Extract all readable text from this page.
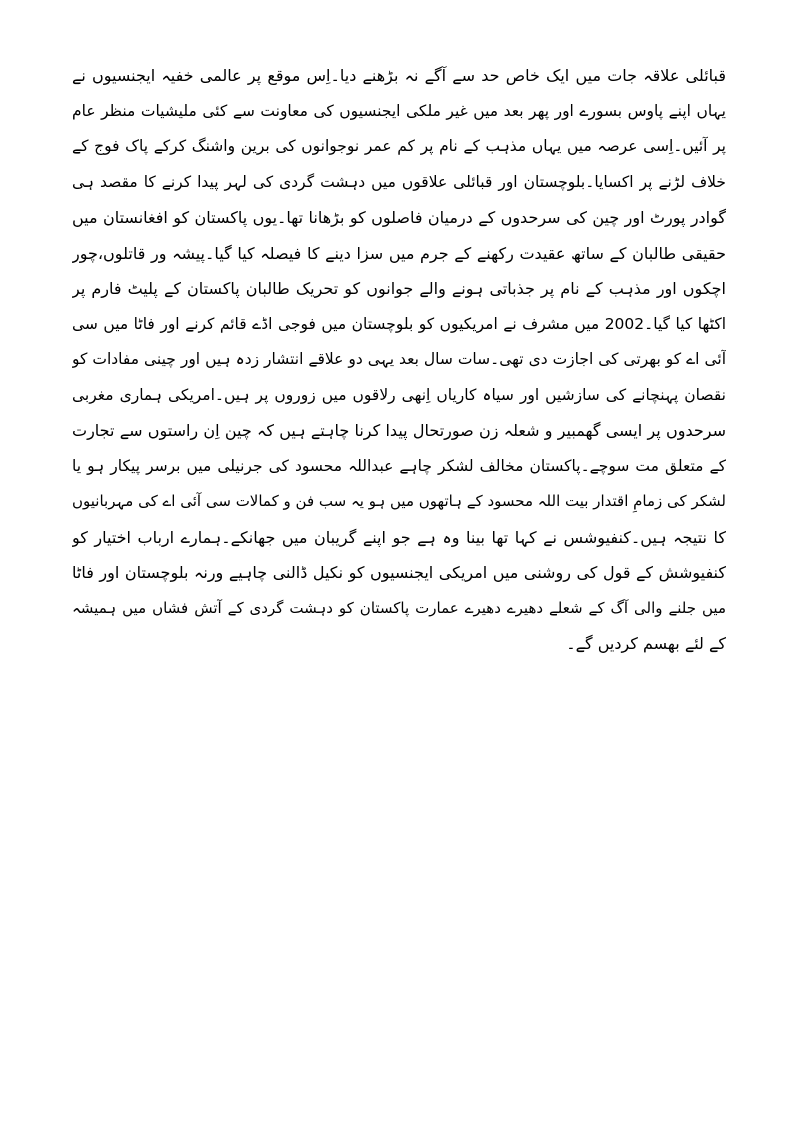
قبائلی علاقہ جات میں ایک خاص حد سے آگے نہ بڑھنے دیا۔اِس موقع پر عالمی خفیہ ایجنسیوں نے
یہاں اپنے پاوس بسورے اور پھر بعد میں غیر ملکی ایجنسیوں کی معاونت سے کئی ملیشیات منظر عام
پر آئیں۔اِسی عرصہ میں یہاں مذہب کے نام پر کم عمر نوجوانوں کی برین واشنگ کرکے پاک فوج کے
خلاف لڑنے پر اکسایا۔بلوچستان اور قبائلی علاقوں میں دہشت گردی کی لہر پیدا کرنے کا مقصد ہی
گوادر پورٹ اور چین کی سرحدوں کے درمیان فاصلوں کو بڑھانا تھا۔یوں پاکستان کو افغانستان میں
حقیقی طالبان کے ساتھ عقیدت رکھنے کے جرم میں سزا دینے کا فیصلہ کیا گیا۔پیشہ ور قاتلوں،چور
اچکوں اور مذہب کے نام پر جذباتی ہونے والے جوانوں کو تحریک طالبان پاکستان کے پلیٹ فارم پر
اکٹھا کیا گیا۔2002 میں مشرف نے امریکیوں کو بلوچستان میں فوجی اڈے قائم کرنے اور فاٹا میں سی
آئی اے کو بھرتی کی اجازت دی تھی۔سات سال بعد یہی دو علاقے انتشار زدہ ہیں اور چینی مفادات کو
نقصان پہنچانے کی سازشیں اور سیاہ کاریاں اِنھی رلاقوں میں زوروں پر ہیں۔امریکی ہماری مغربی
سرحدوں پر ایسی گھمبیر و شعلہ زن صورتحال پیدا کرنا چاہتے ہیں کہ چین اِن راستوں سے تجارت
کے متعلق مت سوچے۔پاکستان مخالف لشکر چاہے عبداللہ محسود کی جرنیلی میں برسر پیکار ہو یا
لشکر کی زمامِ اقتدار بیت اللہ محسود کے ہاتھوں میں ہو یہ سب فن و کمالات سی آئی اے کی مہربانیوں
کا نتیجہ ہیں۔کنفیوشس نے کہا تھا بینا وہ ہے جو اپنے گریبان میں جھانکے۔ہمارے ارباب اختیار کو
کنفیوشش کے قول کی روشنی میں امریکی ایجنسیوں کو نکیل ڈالنی چاہیے ورنہ بلوچستان اور فاٹا
میں جلنے والی آگ کے شعلے دھیرے دھیرے عمارت پاکستان کو دہشت گردی کے آتش فشاں میں ہمیشہ
کے لئے بھسم کردیں گے۔
